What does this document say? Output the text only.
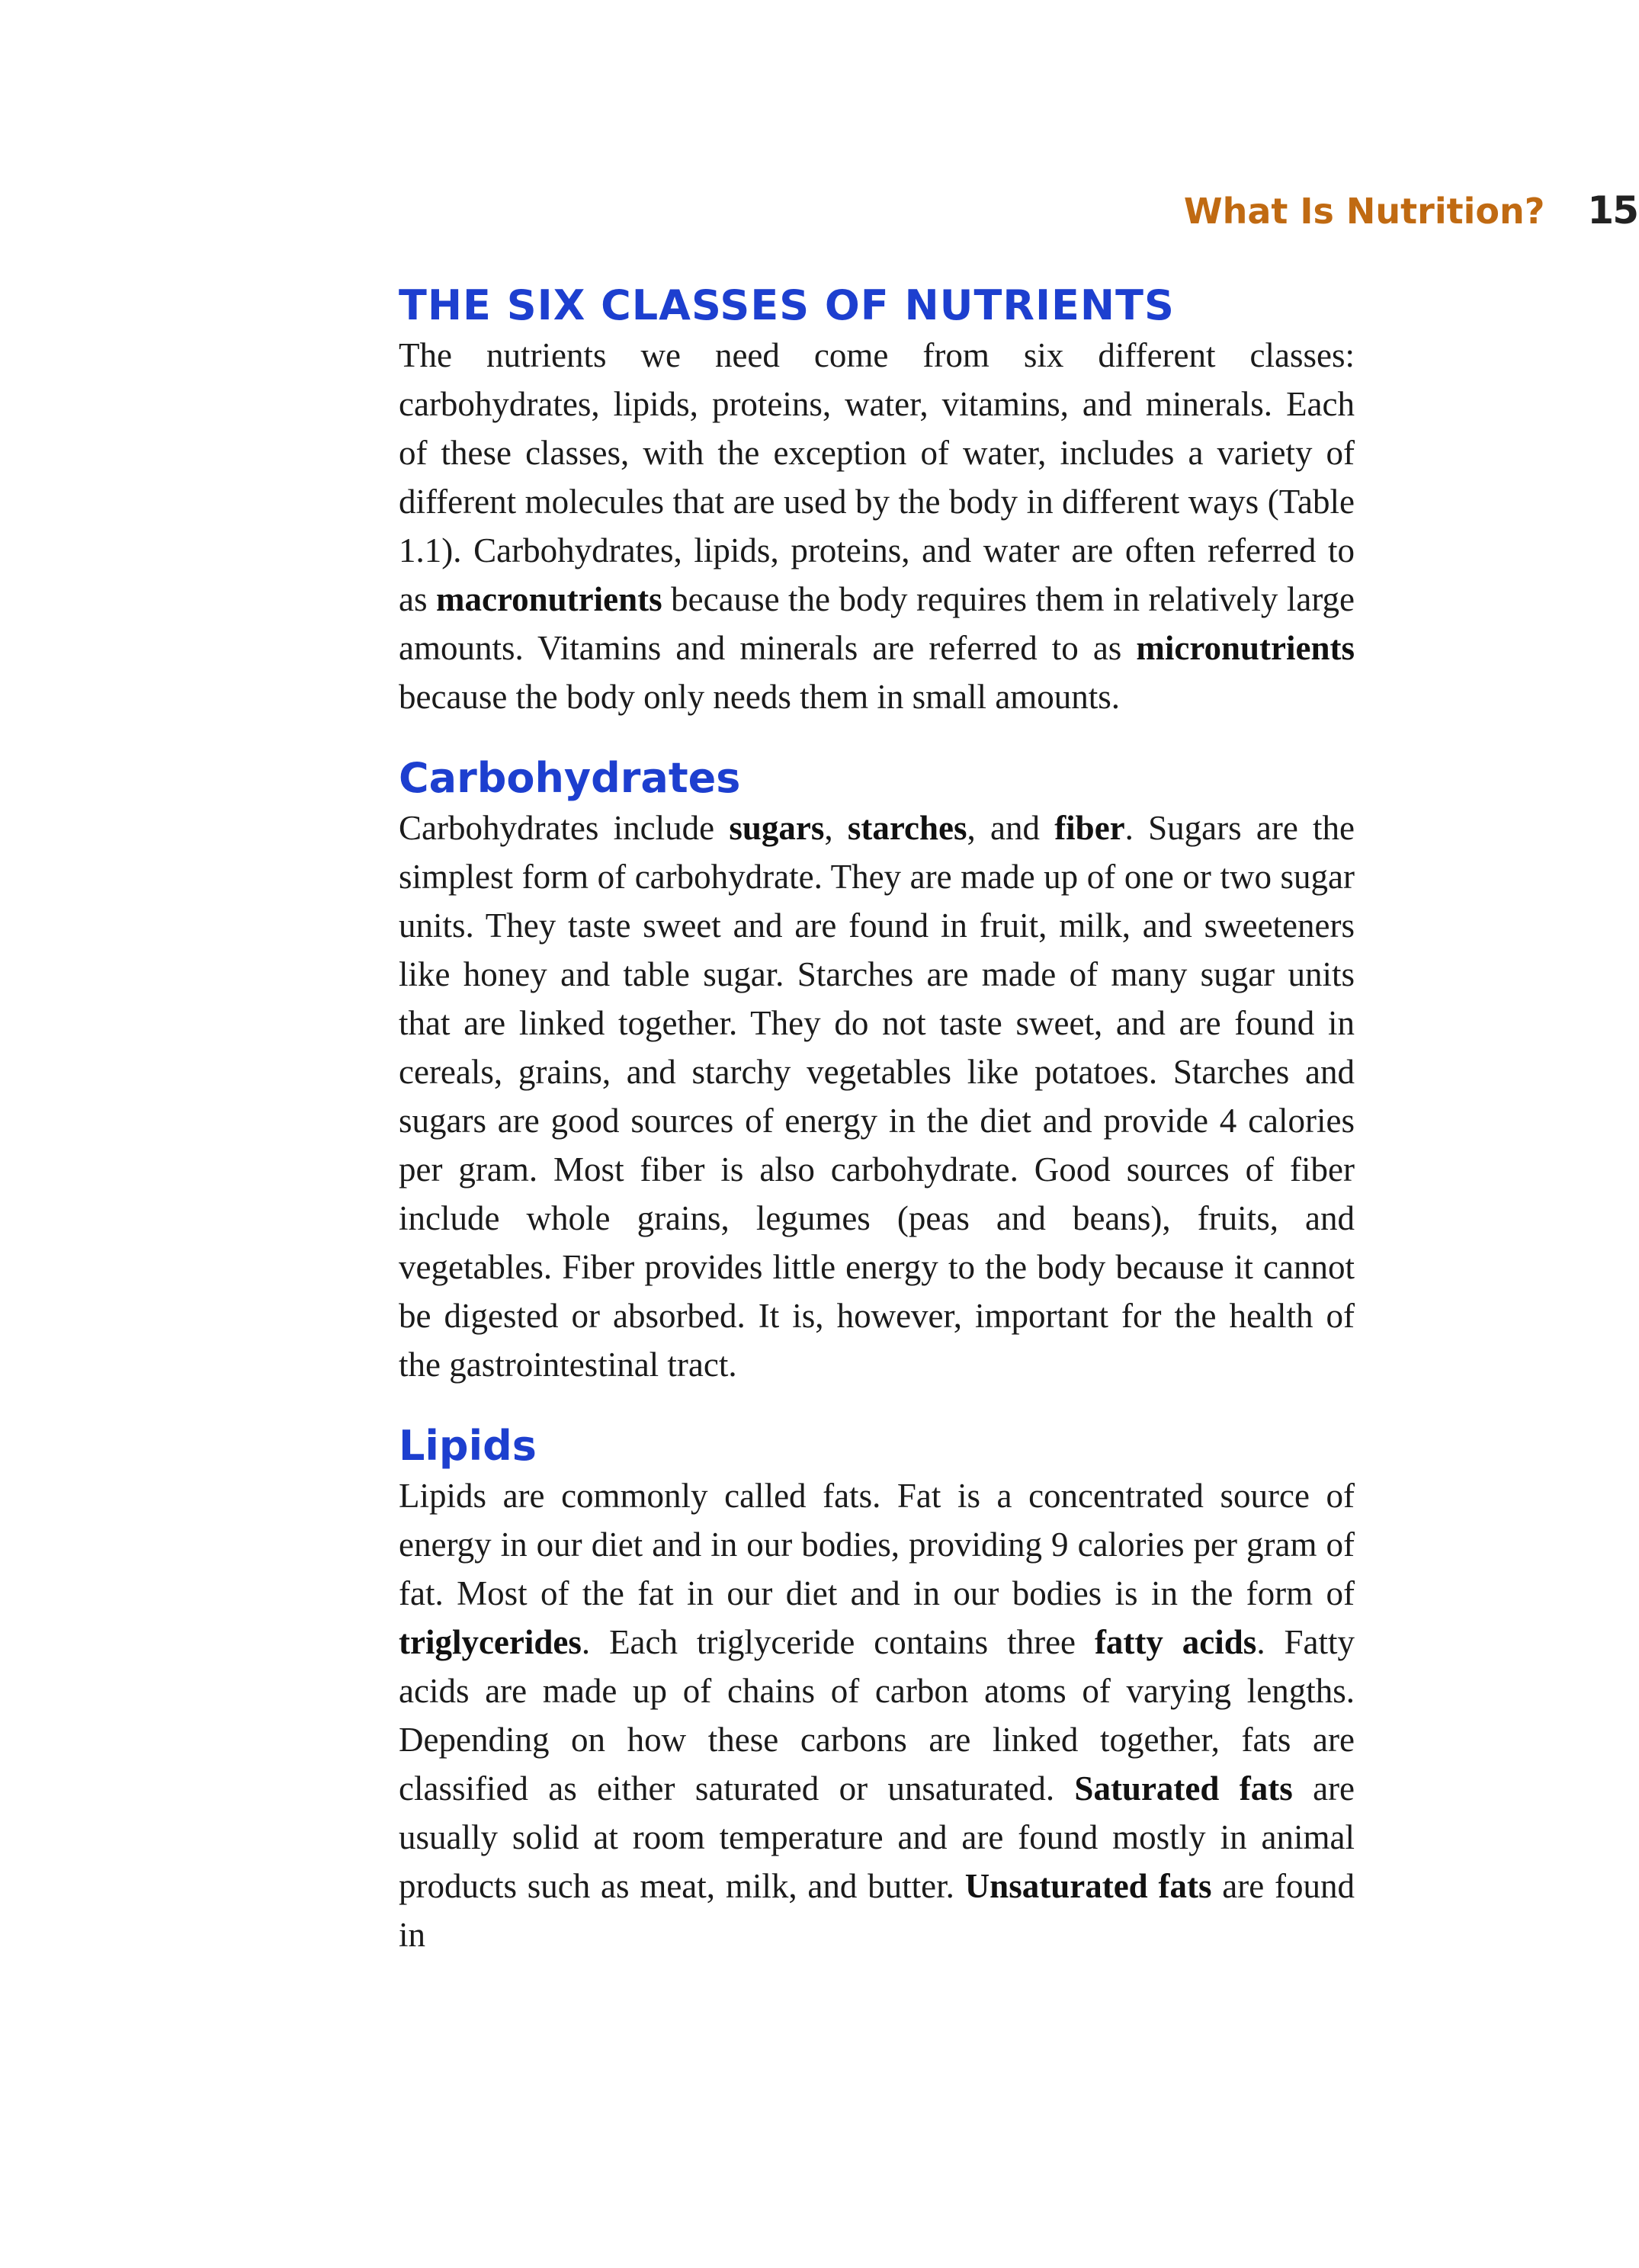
What Is Nutrition? 15
THE SIX CLASSES OF NUTRIENTS

The nutrients we need come from six different classes: carbohydrates, lipids, proteins, water, vitamins, and minerals. Each of these classes, with the exception of water, includes a variety of different molecules that are used by the body in different ways (Table 1.1). Carbohydrates, lipids, proteins, and water are often referred to as macronutrients because the body requires them in relatively large amounts. Vitamins and minerals are referred to as micronutrients because the body only needs them in small amounts.

Carbohydrates

Carbohydrates include sugars, starches, and fiber. Sugars are the simplest form of carbohydrate. They are made up of one or two sugar units. They taste sweet and are found in fruit, milk, and sweeteners like honey and table sugar. Starches are made of many sugar units that are linked together. They do not taste sweet, and are found in cereals, grains, and starchy vegetables like potatoes. Starches and sugars are good sources of energy in the diet and provide 4 calories per gram. Most fiber is also carbohydrate. Good sources of fiber include whole grains, legumes (peas and beans), fruits, and vegetables. Fiber provides little energy to the body because it cannot be digested or absorbed. It is, however, important for the health of the gastrointestinal tract.

Lipids

Lipids are commonly called fats. Fat is a concentrated source of energy in our diet and in our bodies, providing 9 calories per gram of fat. Most of the fat in our diet and in our bodies is in the form of triglycerides. Each triglyceride contains three fatty acids. Fatty acids are made up of chains of carbon atoms of varying lengths. Depending on how these carbons are linked together, fats are classified as either saturated or unsaturated. Saturated fats are usually solid at room temperature and are found mostly in animal products such as meat, milk, and butter. Unsaturated fats are found in
